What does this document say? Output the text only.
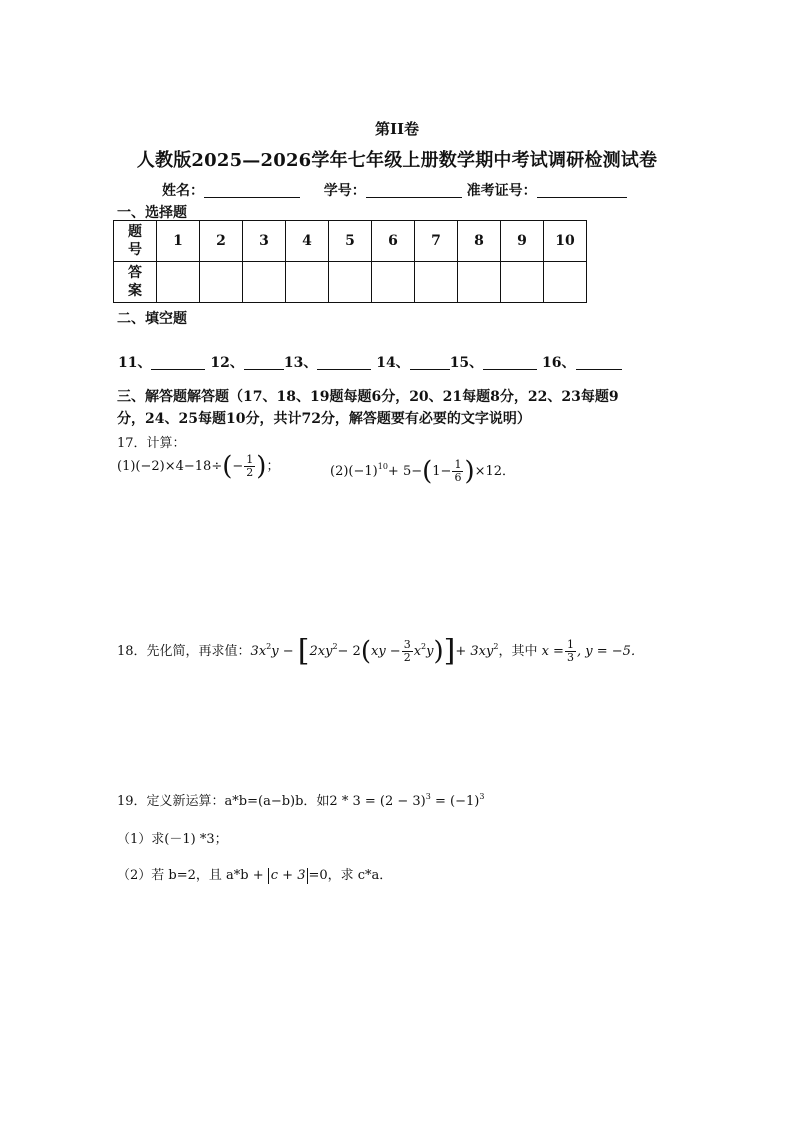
第II卷
人教版2025—2026学年七年级上册数学期中考试调研检测试卷
姓名：	学号：	准考证号：
一、选择题
题
号	1	2	3	4	5	6	7	8	9	10
答
案										
二、填空题
11、	12、	13、	14、	15、	16、
三、解答题解答题（17、18、19题每题6分，20、21每题8分，22、23每题9
分，24、25每题10分，共计72分，解答题要有必要的文字说明）
17．计算：
$(1)(-2)\times 4-18\div(- \frac{1}{2}$ )；	$(2)(-1)^{10}+ 5-(1- \frac{1}{6} )\times 12$．
18．先化简，再求值：$3x^2y - [2xy^2- 2(xy - \frac{3}{2} x^2y)]+ 3xy^2$，其中 $x = \frac{1}{3}$ , y = −5．
19．定义新运算：a*b=(a−b)b．如$2 * 3 = (2 - 3)^3 = (-1)^3$
（1）求(－1) *3；
（2）若 b=2，且 a*b + c + 3 =0，求 c*a．
